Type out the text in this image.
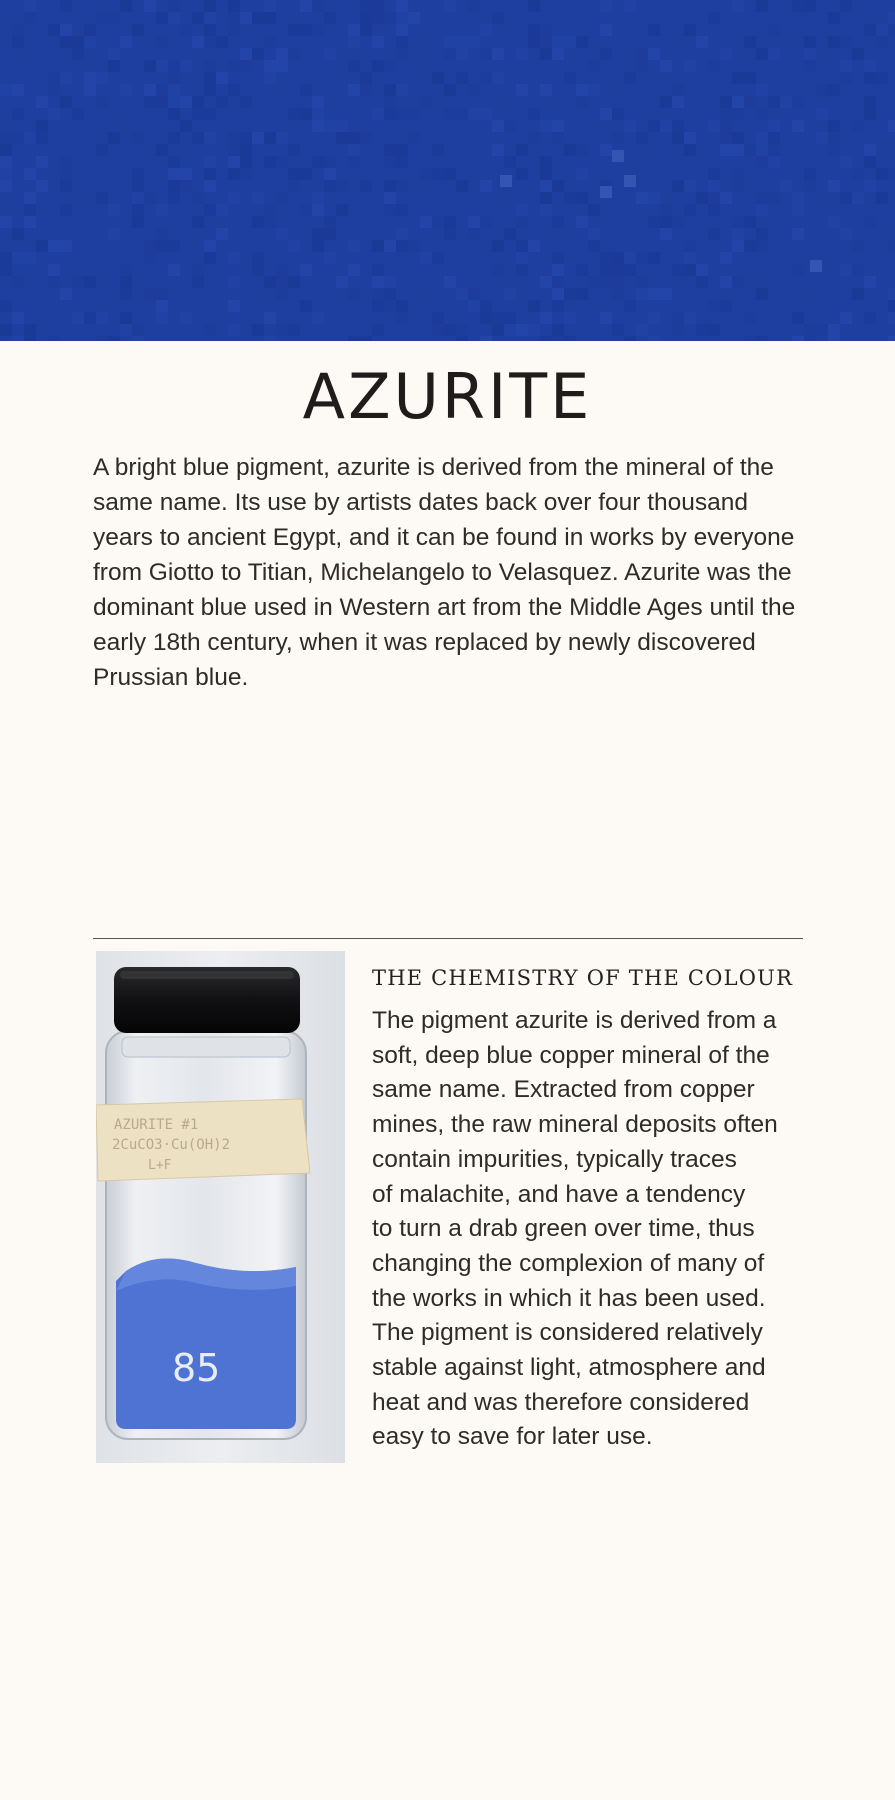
AZURITE

A bright blue pigment, azurite is derived from the mineral of the same name. Its use by artists dates back over four thousand years to ancient Egypt, and it can be found in works by everyone from Giotto to Titian, Michelangelo to Velasquez. Azurite was the dominant blue used in Western art from the Middle Ages until the early 18th century, when it was replaced by newly discovered Prussian blue.

AZURITE #1
2CuCO3·Cu(OH)2
L+F
85
THE CHEMISTRY OF THE COLOUR

The pigment azurite is derived from a
soft, deep blue copper mineral of the
same name. Extracted from copper
mines, the raw mineral deposits often
contain impurities, typically traces
of malachite, and have a tendency
to turn a drab green over time, thus
changing the complexion of many of
the works in which it has been used.
The pigment is considered relatively
stable against light, atmosphere and
heat and was therefore considered
easy to save for later use.
